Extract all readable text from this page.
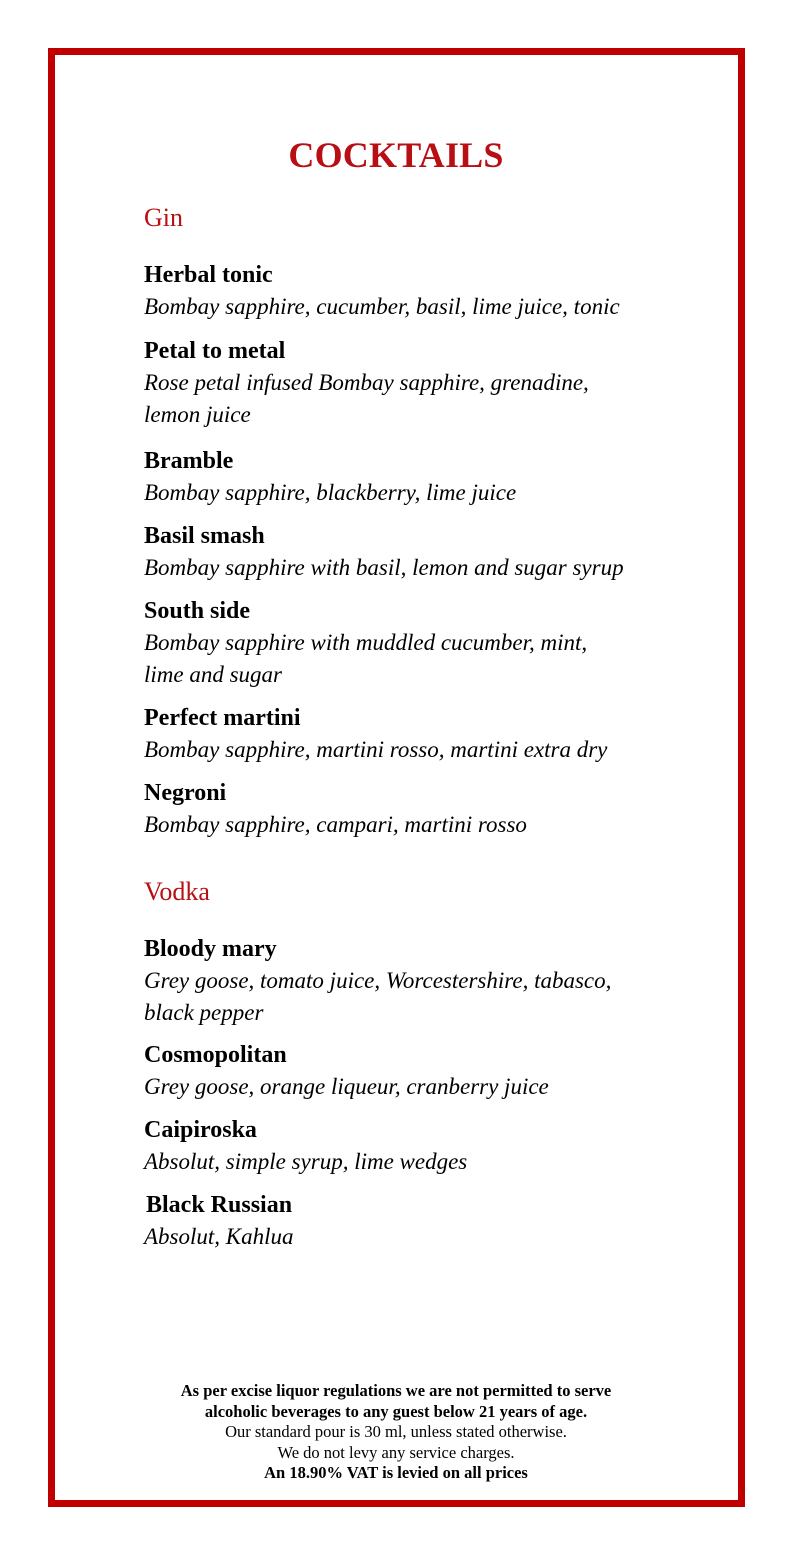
COCKTAILS
Gin
Herbal tonic
Bombay sapphire, cucumber, basil, lime juice, tonic
Petal to metal
Rose petal infused Bombay sapphire, grenadine, lemon juice
Bramble
Bombay sapphire, blackberry, lime juice
Basil smash
Bombay sapphire with basil, lemon and sugar syrup
South side
Bombay sapphire with muddled cucumber, mint, lime and sugar
Perfect martini
Bombay sapphire, martini rosso, martini extra dry
Negroni
Bombay sapphire, campari, martini rosso
Vodka
Bloody mary
Grey goose, tomato juice, Worcestershire, tabasco, black pepper
Cosmopolitan
Grey goose, orange liqueur, cranberry juice
Caipiroska
Absolut, simple syrup, lime wedges
Black Russian
Absolut, Kahlua
As per excise liquor regulations we are not permitted to serve
alcoholic beverages to any guest below 21 years of age.
Our standard pour is 30 ml, unless stated otherwise.
We do not levy any service charges.
An 18.90% VAT is levied on all prices
